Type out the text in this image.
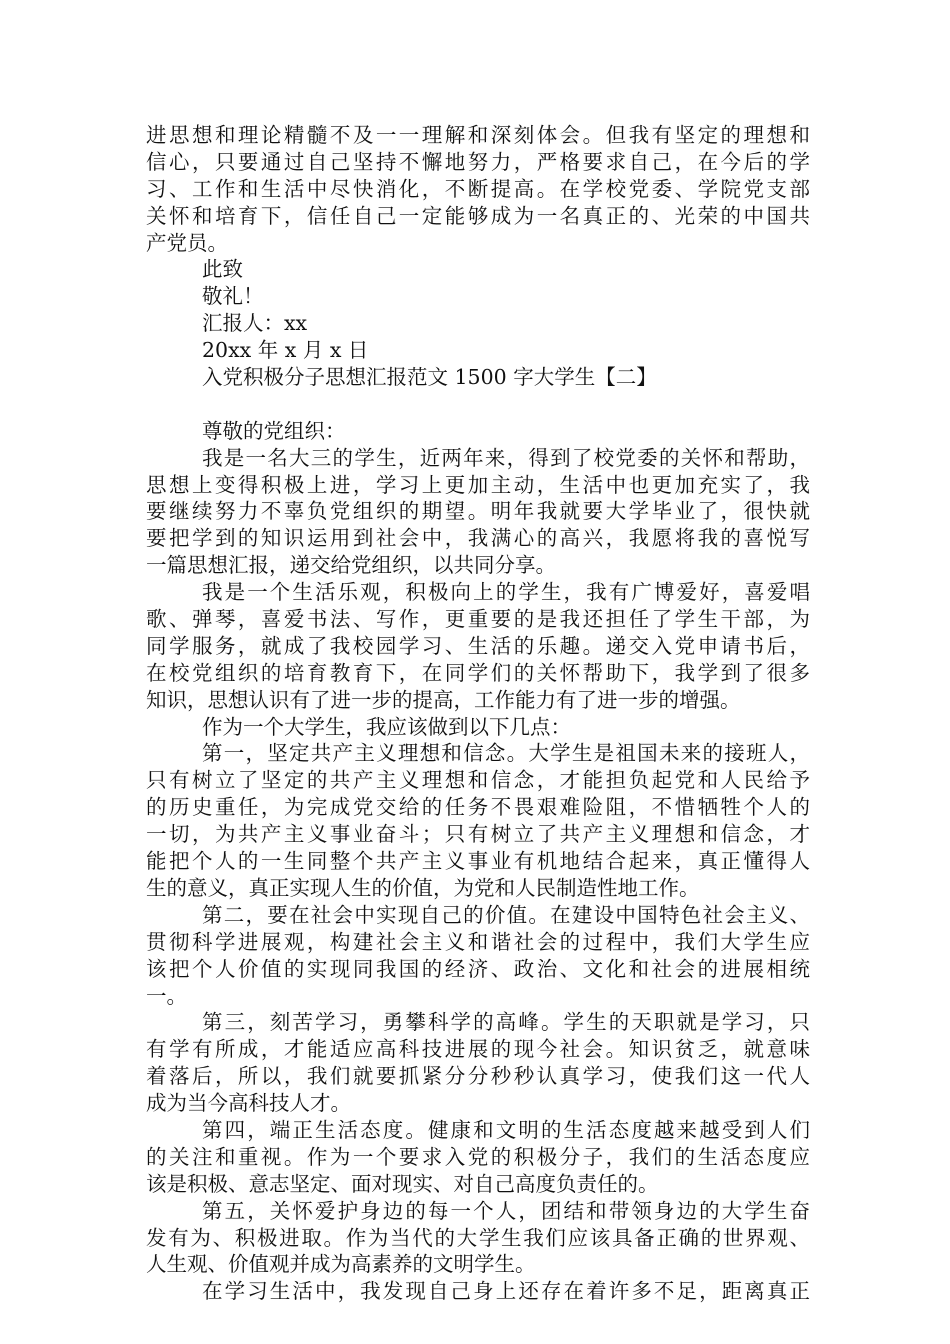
进思想和理论精髓不及一一理解和深刻体会。但我有坚定的理想和
信心，只要通过自己坚持不懈地努力，严格要求自己，在今后的学
习、工作和生活中尽快消化，不断提高。在学校党委、学院党支部
关怀和培育下，信任自己一定能够成为一名真正的、光荣的中国共
产党员。
此致
敬礼！
汇报人：xx
20xx 年 x 月 x 日
入党积极分子思想汇报范文 1500 字大学生【二】
尊敬的党组织：
我是一名大三的学生，近两年来，得到了校党委的关怀和帮助，
思想上变得积极上进，学习上更加主动，生活中也更加充实了，我
要继续努力不辜负党组织的期望。明年我就要大学毕业了，很快就
要把学到的知识运用到社会中，我满心的高兴，我愿将我的喜悦写
一篇思想汇报，递交给党组织，以共同分享。
我是一个生活乐观，积极向上的学生，我有广博爱好，喜爱唱
歌、弹琴，喜爱书法、写作，更重要的是我还担任了学生干部，为
同学服务，就成了我校园学习、生活的乐趣。递交入党申请书后，
在校党组织的培育教育下，在同学们的关怀帮助下，我学到了很多
知识，思想认识有了进一步的提高，工作能力有了进一步的增强。
作为一个大学生，我应该做到以下几点：
第一，坚定共产主义理想和信念。大学生是祖国未来的接班人，
只有树立了坚定的共产主义理想和信念，才能担负起党和人民给予
的历史重任，为完成党交给的任务不畏艰难险阻，不惜牺牲个人的
一切，为共产主义事业奋斗；只有树立了共产主义理想和信念，才
能把个人的一生同整个共产主义事业有机地结合起来，真正懂得人
生的意义，真正实现人生的价值，为党和人民制造性地工作。
第二，要在社会中实现自己的价值。在建设中国特色社会主义、
贯彻科学进展观，构建社会主义和谐社会的过程中，我们大学生应
该把个人价值的实现同我国的经济、政治、文化和社会的进展相统
一。
第三，刻苦学习，勇攀科学的高峰。学生的天职就是学习，只
有学有所成，才能适应高科技进展的现今社会。知识贫乏，就意味
着落后，所以，我们就要抓紧分分秒秒认真学习，使我们这一代人
成为当今高科技人才。
第四，端正生活态度。健康和文明的生活态度越来越受到人们
的关注和重视。作为一个要求入党的积极分子，我们的生活态度应
该是积极、意志坚定、面对现实、对自己高度负责任的。
第五，关怀爱护身边的每一个人，团结和带领身边的大学生奋
发有为、积极进取。作为当代的大学生我们应该具备正确的世界观、
人生观、价值观并成为高素养的文明学生。
在学习生活中，我发现自己身上还存在着许多不足，距离真正
